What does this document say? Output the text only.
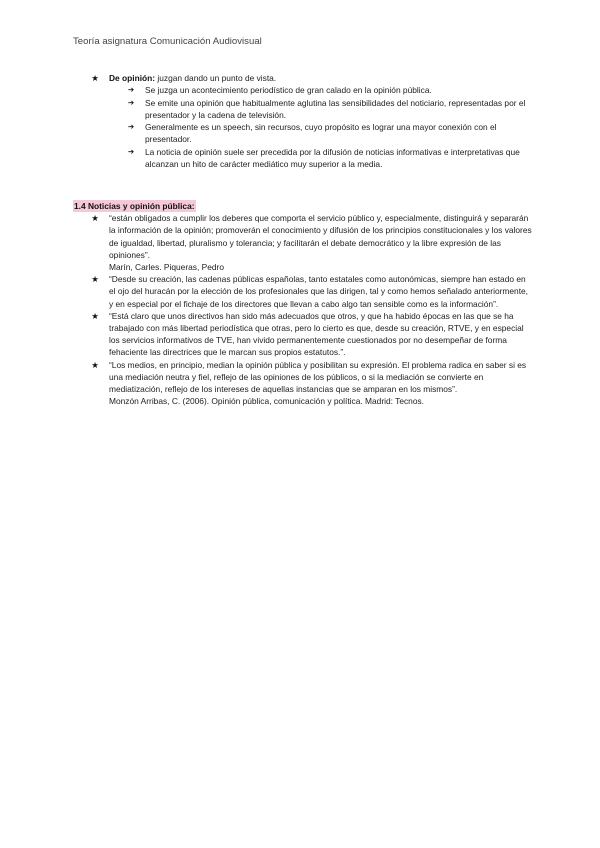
Teoría asignatura Comunicación Audiovisual
★ De opinión: juzgan dando un punto de vista.
➔	Se juzga un acontecimiento periodístico de gran calado en la opinión pública.
➔	Se emite una opinión que habitualmente aglutina las sensibilidades del noticiario, representadas por el presentador y la cadena de televisión.
➔	Generalmente es un speech, sin recursos, cuyo propósito es lograr una mayor conexión con el presentador.
➔	La noticia de opinión suele ser precedida por la difusión de noticias informativas e interpretativas que alcanzan un hito de carácter mediático muy superior a la media.
1.4 Noticias y opinión pública:
★ “están obligados a cumplir los deberes que comporta el servicio público y, especialmente, distinguirá y separarán la información de la opinión; promoverán el conocimiento y difusión de los principios constitucionales y los valores de igualdad, libertad, pluralismo y tolerancia; y facilitarán el debate democrático y la libre expresión de las opiniones”.
Marín, Carles. Piqueras, Pedro
★ “Desde su creación, las cadenas públicas españolas, tanto estatales como autonómicas, siempre han estado en el ojo del huracán por la elección de los profesionales que las dirigen, tal y como hemos señalado anteriormente, y en especial por el fichaje de los directores que llevan a cabo algo tan sensible como es la información”.
★ “Está claro que unos directivos han sido más adecuados que otros, y que ha habido épocas en las que se ha trabajado con más libertad periodística que otras, pero lo cierto es que, desde su creación, RTVE, y en especial los servicios informativos de TVE, han vivido permanentemente cuestionados por no desempeñar de forma fehaciente las directrices que le marcan sus propios estatutos.”.
★ “Los medios, en principio, median la opinión pública y posibilitan su expresión. El problema radica en saber si es una mediación neutra y fiel, reflejo de las opiniones de los públicos, o si la mediación se convierte en mediatización, reflejo de los intereses de aquellas instancias que se amparan en los mismos”.
Monzón Arribas, C. (2006). Opinión pública, comunicación y política. Madrid: Tecnos.
